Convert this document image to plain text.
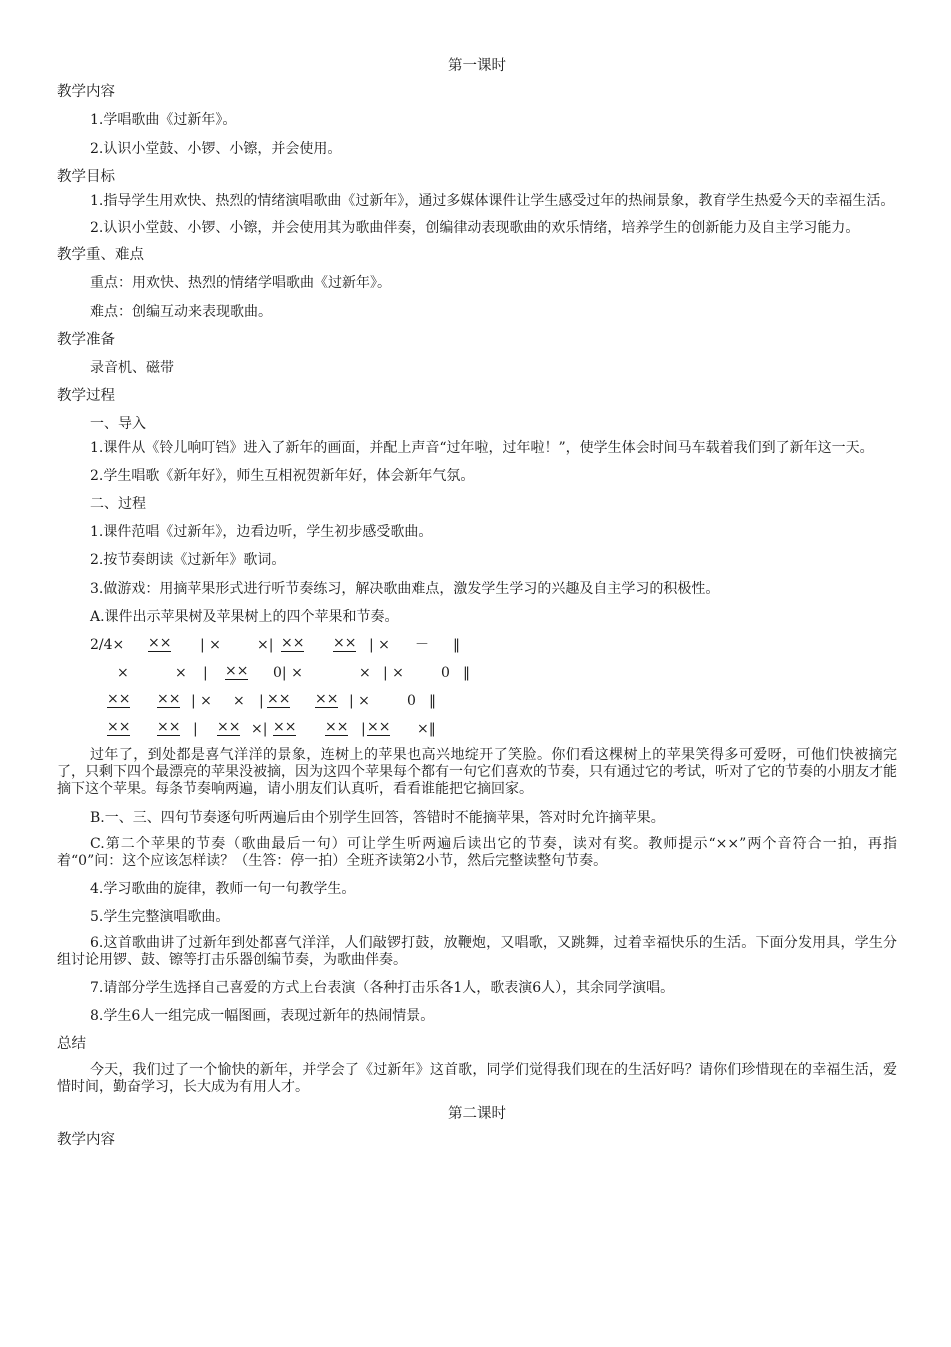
第一课时

教学内容

1.学唱歌曲《过新年》。

2.认识小堂鼓、小锣、小镲，并会使用。

教学目标

1.指导学生用欢快、热烈的情绪演唱歌曲《过新年》，通过多媒体课件让学生感受过年的热闹景象，教育学生热爱今天的幸福生活。

2.认识小堂鼓、小锣、小镲，并会使用其为歌曲伴奏，创编律动表现歌曲的欢乐情绪，培养学生的创新能力及自主学习能力。

教学重、难点

重点：用欢快、热烈的情绪学唱歌曲《过新年》。

难点：创编互动来表现歌曲。

教学准备

录音机、磁带

教学过程

一、导入

1.课件从《铃儿响叮铛》进入了新年的画面，并配上声音“过年啦，过年啦！”，使学生体会时间马车载着我们到了新年这一天。

2.学生唱歌《新年好》，师生互相祝贺新年好，体会新年气氛。

二、过程

1.课件范唱《过新年》，边看边听，学生初步感受歌曲。

2.按节奏朗读《过新年》歌词。

3.做游戏：用摘苹果形式进行听节奏练习，解决歌曲难点，激发学生学习的兴趣及自主学习的积极性。

A.课件出示苹果树及苹果树上的四个苹果和节奏。

2/4× ×× | ×	×| ×× ×× | × － ‖
×	× | ×× 0| ×	× | ×	0 ‖
×× ×× | × × | ×× ×× | ×	0 ‖
×× ×× | ×× ×| ×× ×× | ×× ×‖

过年了，到处都是喜气洋洋的景象，连树上的苹果也高兴地绽开了笑脸。你们看这棵树上的苹果笑得多可爱呀，可他们快被摘完了，只剩下四个最漂亮的苹果没被摘，因为这四个苹果每个都有一句它们喜欢的节奏，只有通过它的考试，听对了它的节奏的小朋友才能摘下这个苹果。每条节奏响两遍，请小朋友们认真听，看看谁能把它摘回家。

B.一、三、四句节奏逐句听两遍后由个别学生回答，答错时不能摘苹果，答对时允许摘苹果。

C.第二个苹果的节奏（歌曲最后一句）可让学生听两遍后读出它的节奏，读对有奖。教师提示“××”两个音符合一拍，再指着“0”问：这个应该怎样读？（生答：停一拍）全班齐读第2小节，然后完整读整句节奏。

4.学习歌曲的旋律，教师一句一句教学生。

5.学生完整演唱歌曲。

6.这首歌曲讲了过新年到处都喜气洋洋，人们敲锣打鼓，放鞭炮，又唱歌，又跳舞，过着幸福快乐的生活。下面分发用具，学生分组讨论用锣、鼓、镲等打击乐器创编节奏，为歌曲伴奏。

7.请部分学生选择自己喜爱的方式上台表演（各种打击乐各1人，歌表演6人），其余同学演唱。

8.学生6人一组完成一幅图画，表现过新年的热闹情景。

总结

今天，我们过了一个愉快的新年，并学会了《过新年》这首歌，同学们觉得我们现在的生活好吗？请你们珍惜现在的幸福生活，爱惜时间，勤奋学习，长大成为有用人才。

第二课时

教学内容
